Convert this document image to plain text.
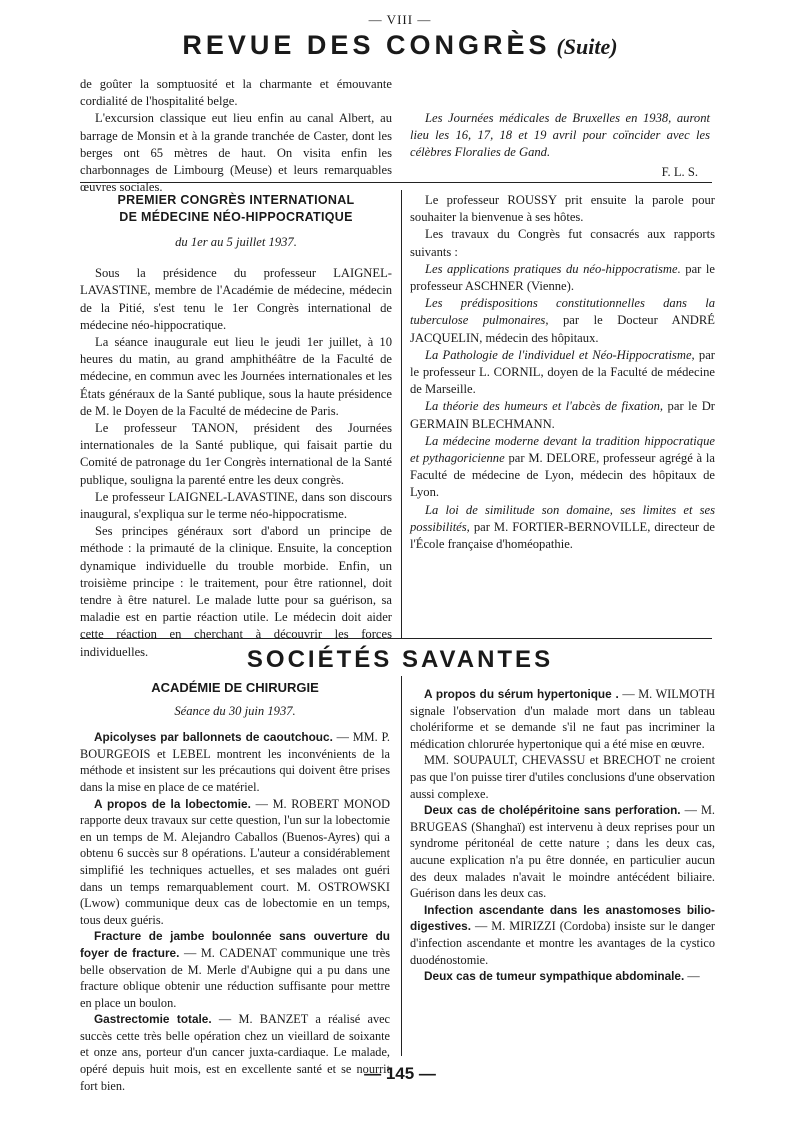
— VIII —
REVUE DES CONGRÈS (Suite)

de goûter la somptuosité et la charmante et émouvante cordialité de l'hospitalité belge.

L'excursion classique eut lieu enfin au canal Albert, au barrage de Monsin et à la grande tranchée de Caster, dont les berges ont 65 mètres de haut. On visita enfin les charbonnages de Limbourg (Meuse) et leurs remarquables œuvres sociales.

Les Journées médicales de Bruxelles en 1938, auront lieu les 16, 17, 18 et 19 avril pour coïncider avec les célèbres Floralies de Gand.

F. L. S.
PREMIER CONGRÈS INTERNATIONAL
DE MÉDECINE NÉO-HIPPOCRATIQUE
du 1er au 5 juillet 1937.

Sous la présidence du professeur LAIGNEL-LAVASTINE, membre de l'Académie de médecine, médecin de la Pitié, s'est tenu le 1er Congrès international de médecine néo-hippocratique.

La séance inaugurale eut lieu le jeudi 1er juillet, à 10 heures du matin, au grand amphithéâtre de la Faculté de médecine, en commun avec les Journées internationales et les États généraux de la Santé publique, sous la haute présidence de M. le Doyen de la Faculté de médecine de Paris.

Le professeur TANON, président des Journées internationales de la Santé publique, qui faisait partie du Comité de patronage du 1er Congrès international de la Santé publique, souligna la parenté entre les deux congrès.

Le professeur LAIGNEL-LAVASTINE, dans son discours inaugural, s'expliqua sur le terme néo-hippocratisme.

Ses principes généraux sort d'abord un principe de méthode : la primauté de la clinique. Ensuite, la conception dynamique individuelle du trouble morbide. Enfin, un troisième principe : le traitement, pour être rationnel, doit tendre à être naturel. Le malade lutte pour sa guérison, sa maladie est en partie réaction utile. Le médecin doit aider cette réaction en cherchant à découvrir les forces individuelles.

Le professeur ROUSSY prit ensuite la parole pour souhaiter la bienvenue à ses hôtes.

Les travaux du Congrès fut consacrés aux rapports suivants :

Les applications pratiques du néo-hippocratisme. par le professeur ASCHNER (Vienne).

Les prédispositions constitutionnelles dans la tuberculose pulmonaires, par le Docteur ANDRÉ JACQUELIN, médecin des hôpitaux.

La Pathologie de l'individuel et Néo-Hippocratisme, par le professeur L. CORNIL, doyen de la Faculté de médecine de Marseille.

La théorie des humeurs et l'abcès de fixation, par le Dr GERMAIN BLECHMANN.

La médecine moderne devant la tradition hippocratique et pythagoricienne par M. DELORE, professeur agrégé à la Faculté de médecine de Lyon, médecin des hôpitaux de Lyon.

La loi de similitude son domaine, ses limites et ses possibilités, par M. FORTIER-BERNOVILLE, directeur de l'École française d'homéopathie.

SOCIÉTÉS SAVANTES
ACADÉMIE DE CHIRURGIE
Séance du 30 juin 1937.

Apicolyses par ballonnets de caoutchouc. — MM. P. BOURGEOIS et LEBEL montrent les inconvénients de la méthode et insistent sur les précautions qui doivent être prises dans la mise en place de ce matériel.

A propos de la lobectomie. — M. ROBERT MONOD rapporte deux travaux sur cette question, l'un sur la lobectomie en un temps de M. Alejandro Caballos (Buenos-Ayres) qui a obtenu 6 succès sur 8 opérations. L'auteur a considérablement simplifié les techniques actuelles, et ses malades ont guéri dans un temps remarquablement court. M. OSTROWSKI (Lwow) communique deux cas de lobectomie en un temps, tous deux guéris.

Fracture de jambe boulonnée sans ouverture du foyer de fracture. — M. CADENAT communique une très belle observation de M. Merle d'Aubigne qui a pu dans une fracture oblique obtenir une réduction suffisante pour mettre en place un boulon.

Gastrectomie totale. — M. BANZET a réalisé avec succès cette très belle opération chez un vieillard de soixante et onze ans, porteur d'un cancer juxta-cardiaque. Le malade, opéré depuis huit mois, est en excellente santé et se nourrit fort bien.

A propos du sérum hypertonique . — M. WILMOTH signale l'observation d'un malade mort dans un tableau cholériforme et se demande s'il ne faut pas incriminer la médication chlorurée hypertonique qui a été mise en œuvre.

MM. SOUPAULT, CHEVASSU et BRECHOT ne croient pas que l'on puisse tirer d'utiles conclusions d'une observation aussi complexe.

Deux cas de cholépéritoine sans perforation. — M. BRUGEAS (Shanghaï) est intervenu à deux reprises pour un syndrome péritonéal de cette nature ; dans les deux cas, aucune explication n'a pu être donnée, en particulier aucun des deux malades n'avait le moindre antécédent biliaire. Guérison dans les deux cas.

Infection ascendante dans les anastomoses bilio-digestives. — M. MIRIZZI (Cordoba) insiste sur le danger d'infection ascendante et montre les avantages de la cystico duodénostomie.

Deux cas de tumeur sympathique abdominale. —

— 145 —
